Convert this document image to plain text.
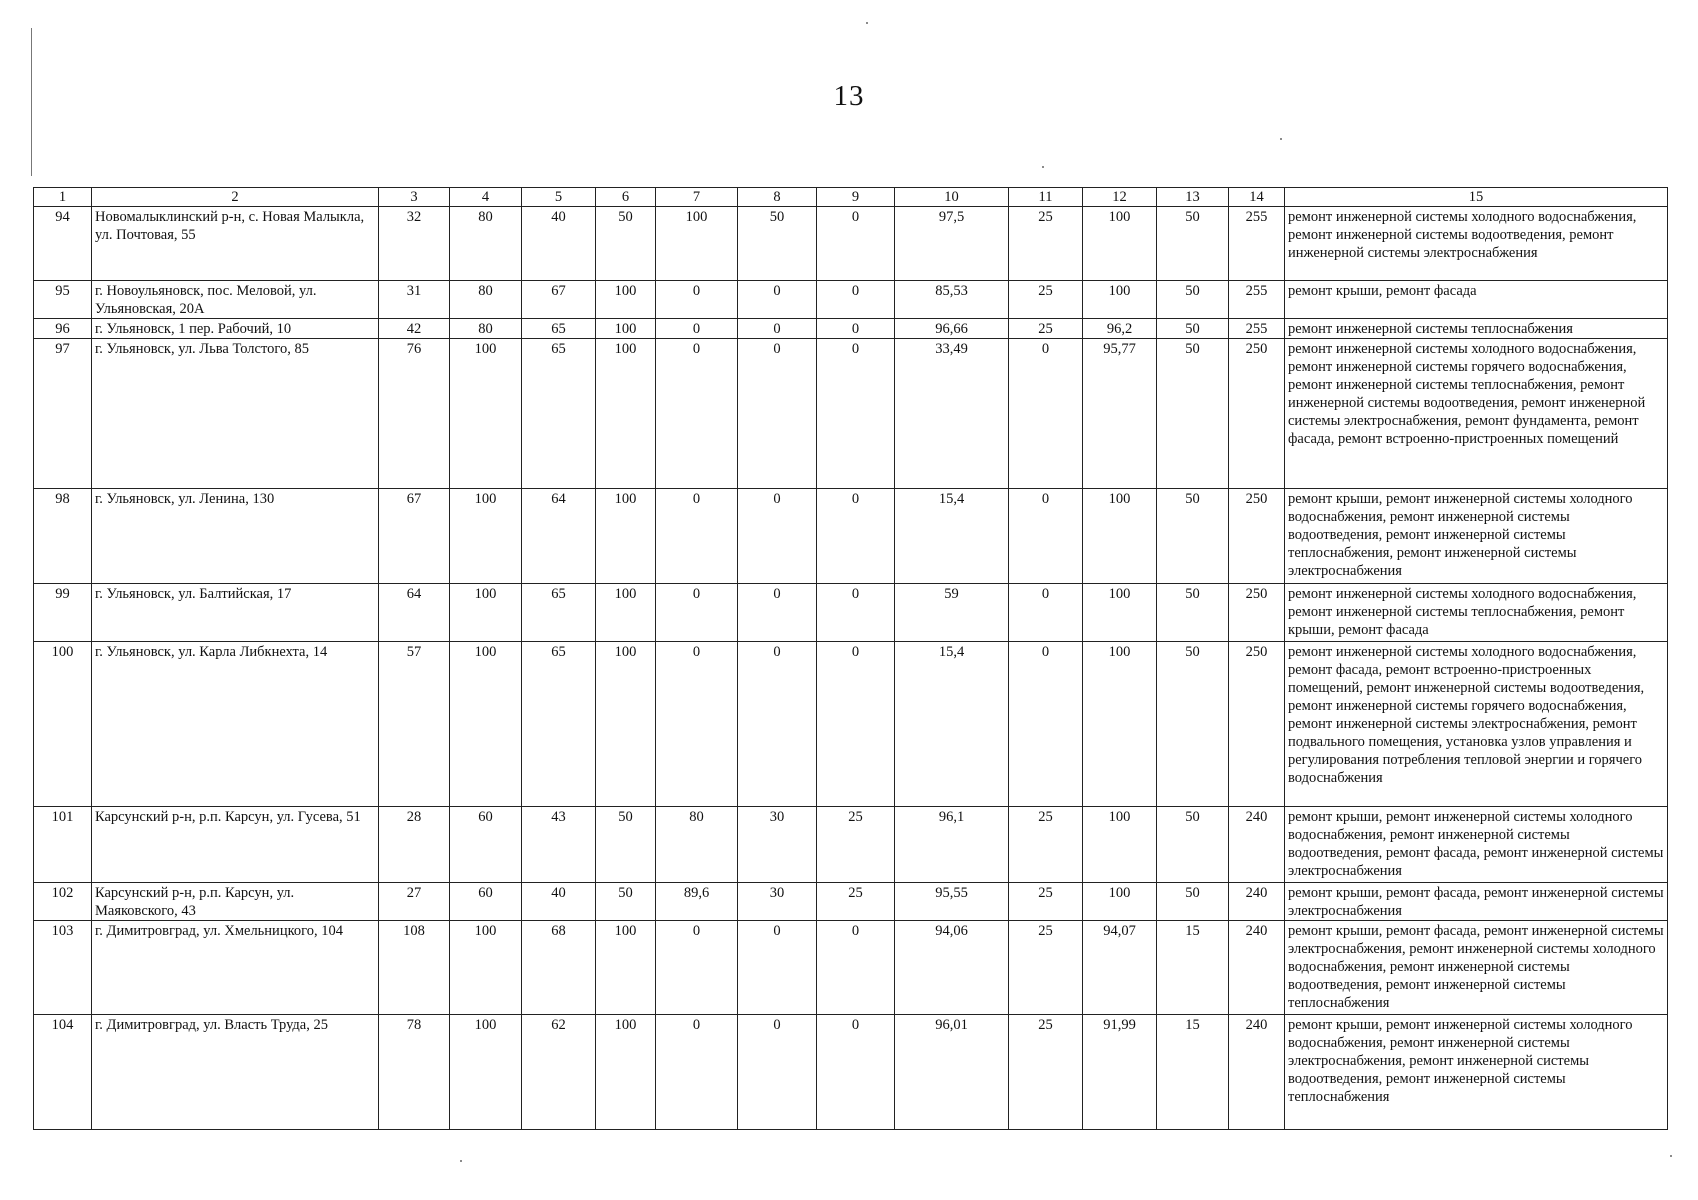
13
1	2	3	4	5	6	7	8	9	10	11	12	13	14	15
94	Новомалыклинский р-н, с. Новая Малыкла, ул. Почтовая, 55	32	80	40	50	100	50	0	97,5	25	100	50	255	ремонт инженерной системы холодного водоснабжения, ремонт инженерной системы водоотведения, ремонт инженерной системы электроснабжения
95	г. Новоульяновск, пос. Меловой, ул. Ульяновская, 20А	31	80	67	100	0	0	0	85,53	25	100	50	255	ремонт крыши, ремонт фасада
96	г. Ульяновск, 1 пер. Рабочий, 10	42	80	65	100	0	0	0	96,66	25	96,2	50	255	ремонт инженерной системы теплоснабжения
97	г. Ульяновск, ул. Льва Толстого, 85	76	100	65	100	0	0	0	33,49	0	95,77	50	250	ремонт инженерной системы холодного водоснабжения, ремонт инженерной системы горячего водоснабжения, ремонт инженерной системы теплоснабжения, ремонт инженерной системы водоотведения, ремонт инженерной системы электроснабжения, ремонт фундамента, ремонт фасада, ремонт встроенно-пристроенных помещений
98	г. Ульяновск, ул. Ленина, 130	67	100	64	100	0	0	0	15,4	0	100	50	250	ремонт крыши, ремонт инженерной системы холодного водоснабжения, ремонт инженерной системы водоотведения, ремонт инженерной системы теплоснабжения, ремонт инженерной системы электроснабжения
99	г. Ульяновск, ул. Балтийская, 17	64	100	65	100	0	0	0	59	0	100	50	250	ремонт инженерной системы холодного водоснабжения, ремонт инженерной системы теплоснабжения, ремонт крыши, ремонт фасада
100	г. Ульяновск, ул. Карла Либкнехта, 14	57	100	65	100	0	0	0	15,4	0	100	50	250	ремонт инженерной системы холодного водоснабжения, ремонт фасада, ремонт встроенно-пристроенных помещений, ремонт инженерной системы водоотведения, ремонт инженерной системы горячего водоснабжения, ремонт инженерной системы электроснабжения, ремонт подвального помещения, установка узлов управления и регулирования потребления тепловой энергии и горячего водоснабжения
101	Карсунский р-н, р.п. Карсун, ул. Гусева, 51	28	60	43	50	80	30	25	96,1	25	100	50	240	ремонт крыши, ремонт инженерной системы холодного водоснабжения, ремонт инженерной системы водоотведения, ремонт фасада, ремонт инженерной системы электроснабжения
102	Карсунский р-н, р.п. Карсун, ул. Маяковского, 43	27	60	40	50	89,6	30	25	95,55	25	100	50	240	ремонт крыши, ремонт фасада, ремонт инженерной системы электроснабжения
103	г. Димитровград, ул. Хмельницкого, 104	108	100	68	100	0	0	0	94,06	25	94,07	15	240	ремонт крыши, ремонт фасада, ремонт инженерной системы электроснабжения, ремонт инженерной системы холодного водоснабжения, ремонт инженерной системы водоотведения, ремонт инженерной системы теплоснабжения
104	г. Димитровград, ул. Власть Труда, 25	78	100	62	100	0	0	0	96,01	25	91,99	15	240	ремонт крыши, ремонт инженерной системы холодного водоснабжения, ремонт инженерной системы электроснабжения, ремонт инженерной системы водоотведения, ремонт инженерной системы теплоснабжения
